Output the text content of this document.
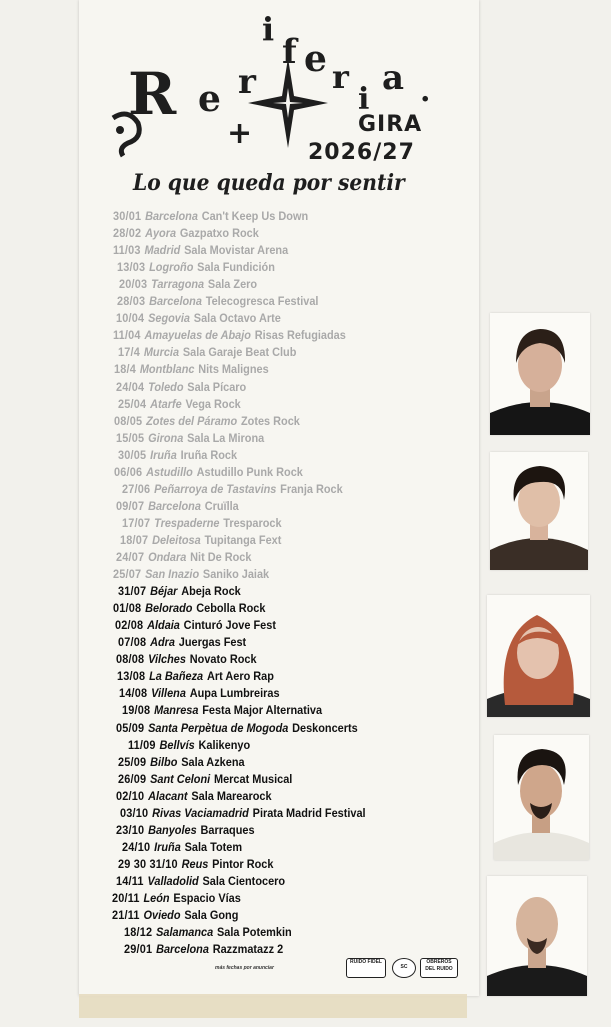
R e r
i
f e r
i
a .
+	GIRA
2026/27
Lo que queda por sentir
30/01 Barcelona Can't Keep Us Down
28/02 Ayora Gazpatxo Rock
11/03 Madrid Sala Movistar Arena
13/03 Logroño Sala Fundición
20/03 Tarragona Sala Zero
28/03 Barcelona Telecogresca Festival
10/04 Segovia Sala Octavo Arte
11/04 Amayuelas de Abajo Risas Refugiadas
17/4 Murcia Sala Garaje Beat Club
18/4 Montblanc Nits Malignes
24/04 Toledo Sala Pícaro
25/04 Atarfe Vega Rock
08/05 Zotes del Páramo Zotes Rock
15/05 Girona Sala La Mirona
30/05 Iruña Iruña Rock
06/06 Astudillo Astudillo Punk Rock
27/06 Peñarroya de Tastavins Franja Rock
09/07 Barcelona Cruïlla
17/07 Trespaderne Tresparock
18/07 Deleitosa Tupitanga Fext
24/07 Ondara Nit De Rock
25/07 San Inazio Saniko Jaiak
31/07 Béjar Abeja Rock
01/08 Belorado Cebolla Rock
02/08 Aldaia Cinturó Jove Fest
07/08 Adra Juergas Fest
08/08 Vilches Novato Rock
13/08 La Bañeza Art Aero Rap
14/08 Villena Aupa Lumbreiras
19/08 Manresa Festa Major Alternativa
05/09 Santa Perpètua de Mogoda Deskoncerts
11/09 Bellvís Kalikenyo
25/09 Bilbo Sala Azkena
26/09 Sant Celoni Mercat Musical
02/10 Alacant Sala Marearock
03/10 Rivas Vaciamadrid Pirata Madrid Festival
23/10 Banyoles Barraques
24/10 Iruña Sala Totem
29 30 31/10 Reus Pintor Rock
14/11 Valladolid Sala Cientocero
20/11 León Espacio Vías
21/11 Oviedo Sala Gong
18/12 Salamanca Sala Potemkin
29/01 Barcelona Razzmatazz 2
más fechas por anunciar
RUIDO FIDEL
SC
OBREROS DEL RUIDO
